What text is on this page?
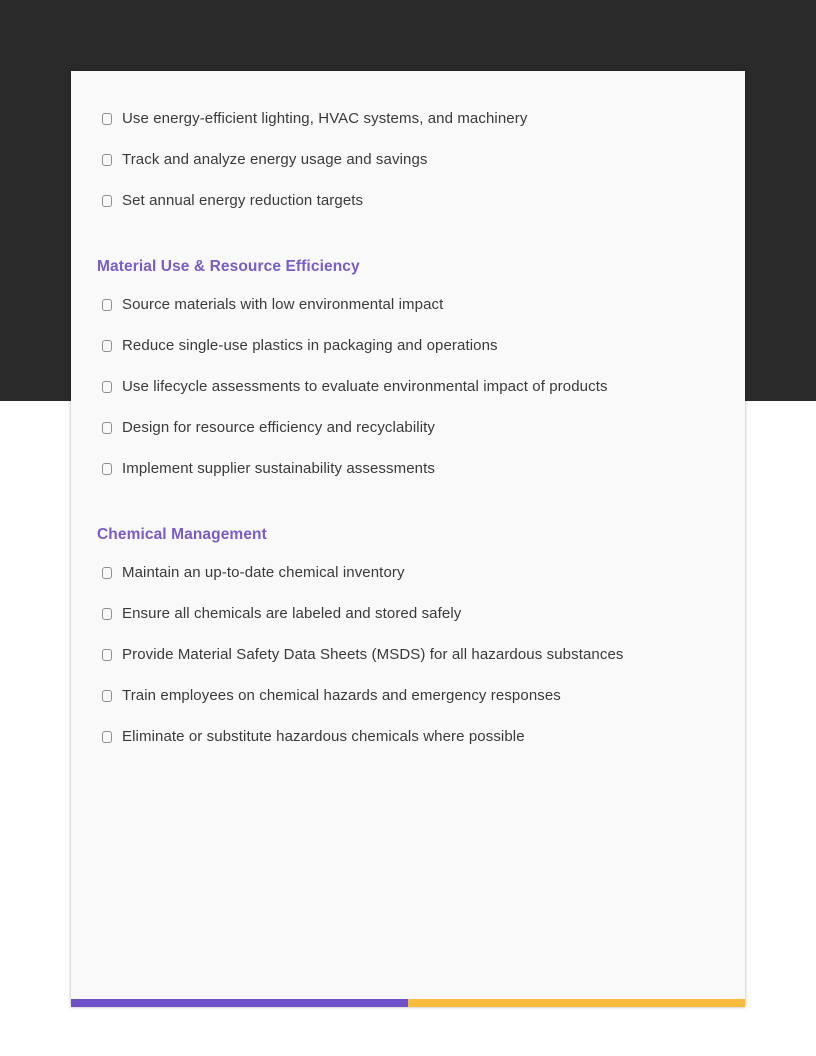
Use energy-efficient lighting, HVAC systems, and machinery
Track and analyze energy usage and savings
Set annual energy reduction targets
Material Use & Resource Efficiency
Source materials with low environmental impact
Reduce single-use plastics in packaging and operations
Use lifecycle assessments to evaluate environmental impact of products
Design for resource efficiency and recyclability
Implement supplier sustainability assessments
Chemical Management
Maintain an up-to-date chemical inventory
Ensure all chemicals are labeled and stored safely
Provide Material Safety Data Sheets (MSDS) for all hazardous substances
Train employees on chemical hazards and emergency responses
Eliminate or substitute hazardous chemicals where possible
